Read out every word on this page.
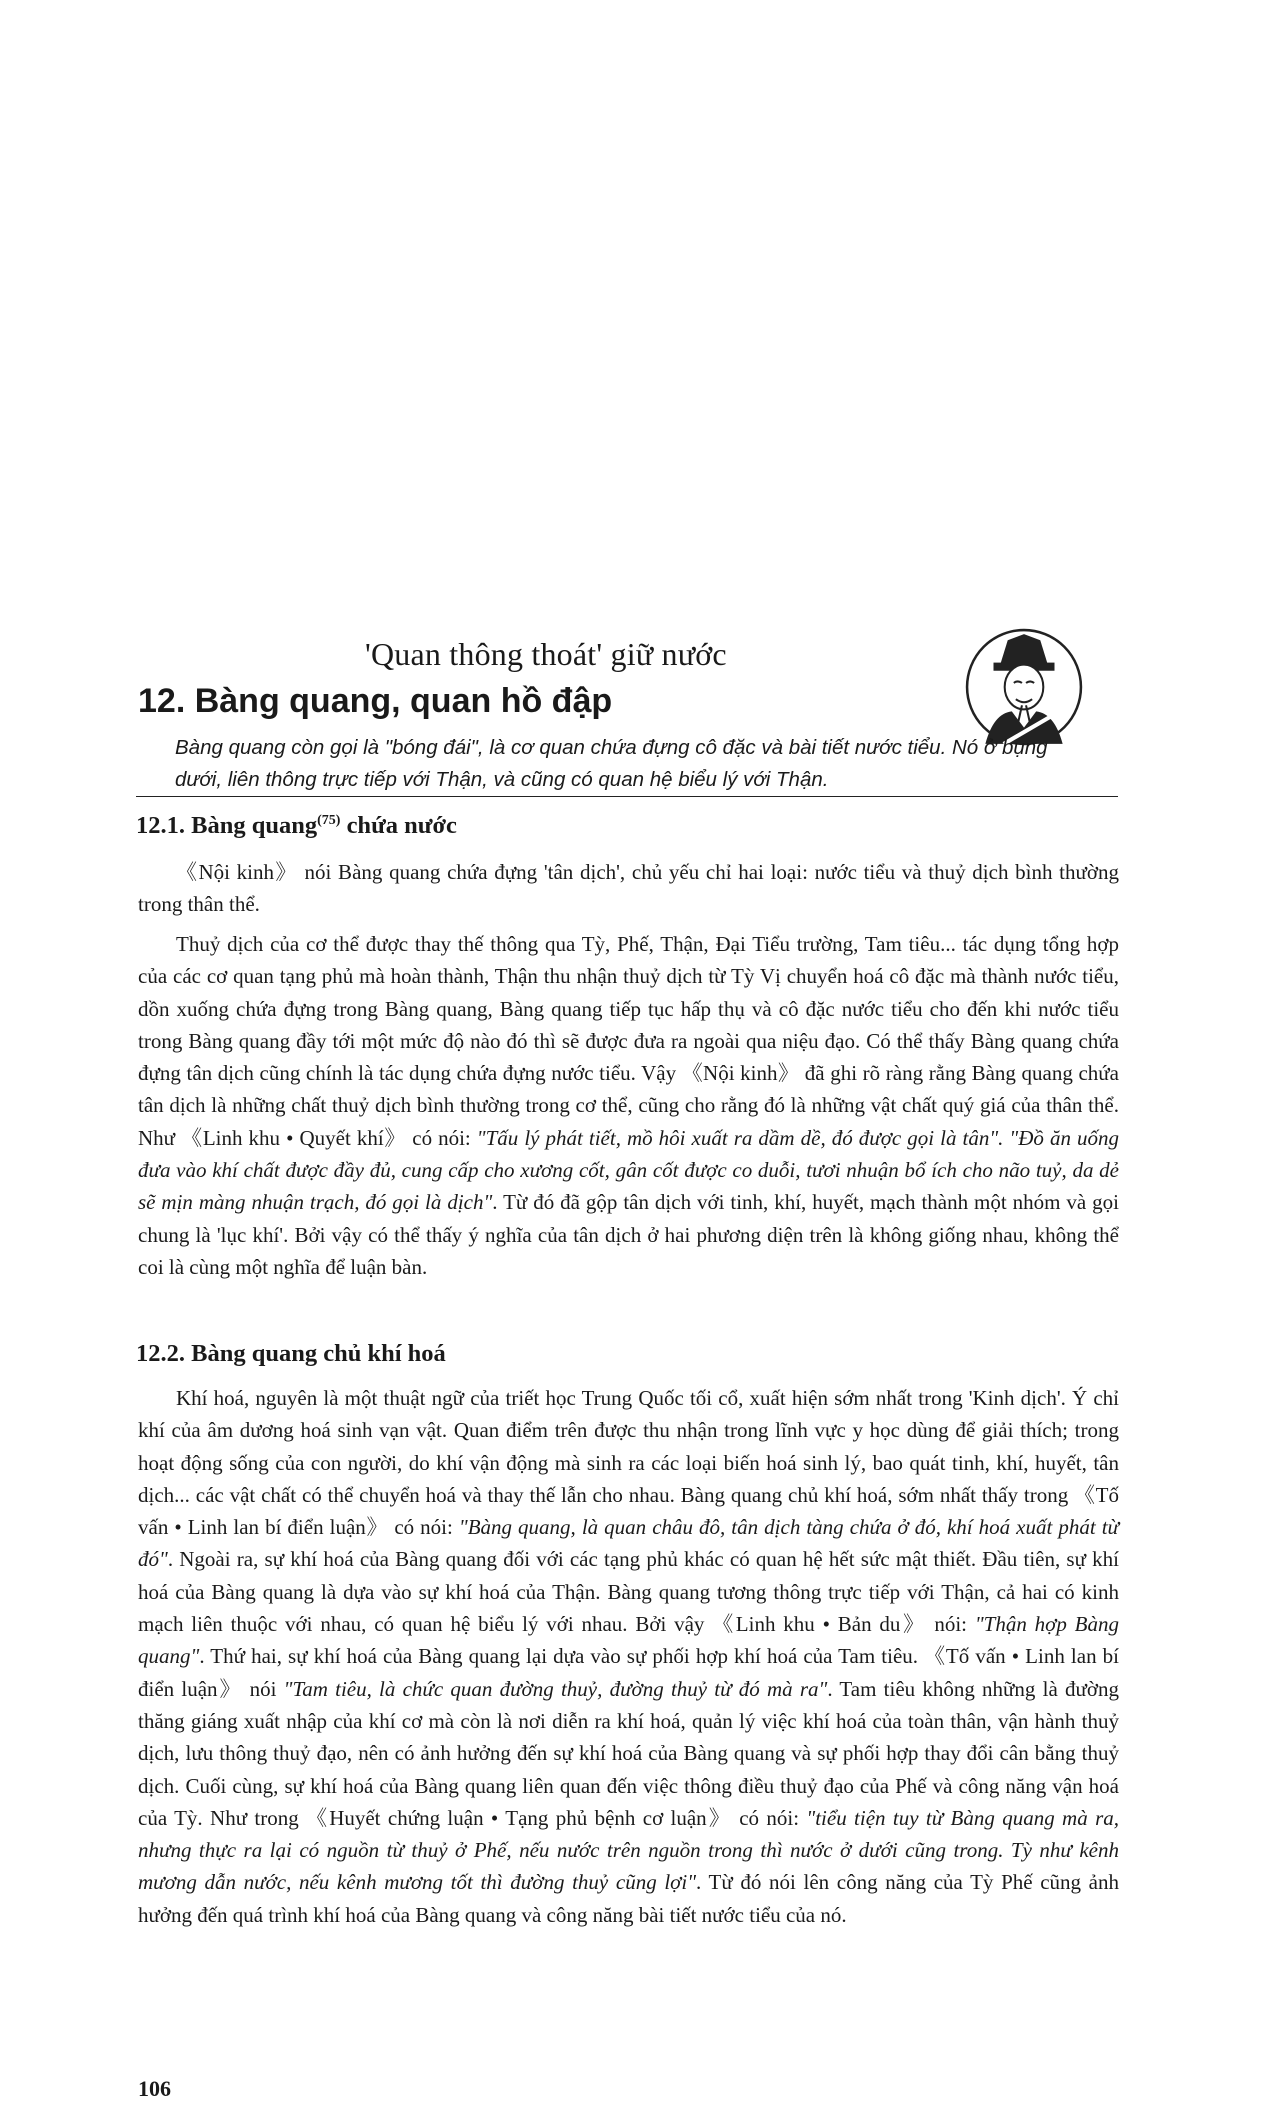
'Quan thông thoát' giữ nước
12. Bàng quang, quan hồ đập

Bàng quang còn gọi là "bóng đái", là cơ quan chứa đựng cô đặc và bài tiết nước tiểu. Nó ở bụng dưới, liên thông trực tiếp với Thận, và cũng có quan hệ biểu lý với Thận.

12.1. Bàng quang$^{(75)}$ chứa nước

《Nội kinh》 nói Bàng quang chứa đựng 'tân dịch', chủ yếu chỉ hai loại: nước tiểu và thuỷ dịch bình thường trong thân thể.

Thuỷ dịch của cơ thể được thay thế thông qua Tỳ, Phế, Thận, Đại Tiểu trường, Tam tiêu... tác dụng tổng hợp của các cơ quan tạng phủ mà hoàn thành, Thận thu nhận thuỷ dịch từ Tỳ Vị chuyển hoá cô đặc mà thành nước tiểu, dồn xuống chứa đựng trong Bàng quang, Bàng quang tiếp tục hấp thụ và cô đặc nước tiểu cho đến khi nước tiểu trong Bàng quang đầy tới một mức độ nào đó thì sẽ được đưa ra ngoài qua niệu đạo. Có thể thấy Bàng quang chứa đựng tân dịch cũng chính là tác dụng chứa đựng nước tiểu. Vậy 《Nội kinh》 đã ghi rõ ràng rằng Bàng quang chứa tân dịch là những chất thuỷ dịch bình thường trong cơ thể, cũng cho rằng đó là những vật chất quý giá của thân thể. Như 《Linh khu • Quyết khí》 có nói: "Tấu lý phát tiết, mồ hôi xuất ra dầm dề, đó được gọi là tân". "Đồ ăn uống đưa vào khí chất được đầy đủ, cung cấp cho xương cốt, gân cốt được co duỗi, tươi nhuận bổ ích cho não tuỷ, da dẻ sẽ mịn màng nhuận trạch, đó gọi là dịch". Từ đó đã gộp tân dịch với tinh, khí, huyết, mạch thành một nhóm và gọi chung là 'lục khí'. Bởi vậy có thể thấy ý nghĩa của tân dịch ở hai phương diện trên là không giống nhau, không thể coi là cùng một nghĩa để luận bàn.

12.2. Bàng quang chủ khí hoá

Khí hoá, nguyên là một thuật ngữ của triết học Trung Quốc tối cổ, xuất hiện sớm nhất trong 'Kinh dịch'. Ý chỉ khí của âm dương hoá sinh vạn vật. Quan điểm trên được thu nhận trong lĩnh vực y học dùng để giải thích; trong hoạt động sống của con người, do khí vận động mà sinh ra các loại biến hoá sinh lý, bao quát tinh, khí, huyết, tân dịch... các vật chất có thể chuyển hoá và thay thế lẫn cho nhau. Bàng quang chủ khí hoá, sớm nhất thấy trong 《Tố vấn • Linh lan bí điển luận》 có nói: "Bàng quang, là quan châu đô, tân dịch tàng chứa ở đó, khí hoá xuất phát từ đó". Ngoài ra, sự khí hoá của Bàng quang đối với các tạng phủ khác có quan hệ hết sức mật thiết. Đầu tiên, sự khí hoá của Bàng quang là dựa vào sự khí hoá của Thận. Bàng quang tương thông trực tiếp với Thận, cả hai có kinh mạch liên thuộc với nhau, có quan hệ biểu lý với nhau. Bởi vậy 《Linh khu • Bản du》 nói: "Thận hợp Bàng quang". Thứ hai, sự khí hoá của Bàng quang lại dựa vào sự phối hợp khí hoá của Tam tiêu. 《Tố vấn • Linh lan bí điển luận》 nói "Tam tiêu, là chức quan đường thuỷ, đường thuỷ từ đó mà ra". Tam tiêu không những là đường thăng giáng xuất nhập của khí cơ mà còn là nơi diễn ra khí hoá, quản lý việc khí hoá của toàn thân, vận hành thuỷ dịch, lưu thông thuỷ đạo, nên có ảnh hưởng đến sự khí hoá của Bàng quang và sự phối hợp thay đổi cân bằng thuỷ dịch. Cuối cùng, sự khí hoá của Bàng quang liên quan đến việc thông điều thuỷ đạo của Phế và công năng vận hoá của Tỳ. Như trong 《Huyết chứng luận • Tạng phủ bệnh cơ luận》 có nói: "tiểu tiện tuy từ Bàng quang mà ra, nhưng thực ra lại có nguồn từ thuỷ ở Phế, nếu nước trên nguồn trong thì nước ở dưới cũng trong. Tỳ như kênh mương dẫn nước, nếu kênh mương tốt thì đường thuỷ cũng lợi". Từ đó nói lên công năng của Tỳ Phế cũng ảnh hưởng đến quá trình khí hoá của Bàng quang và công năng bài tiết nước tiểu của nó.

106
